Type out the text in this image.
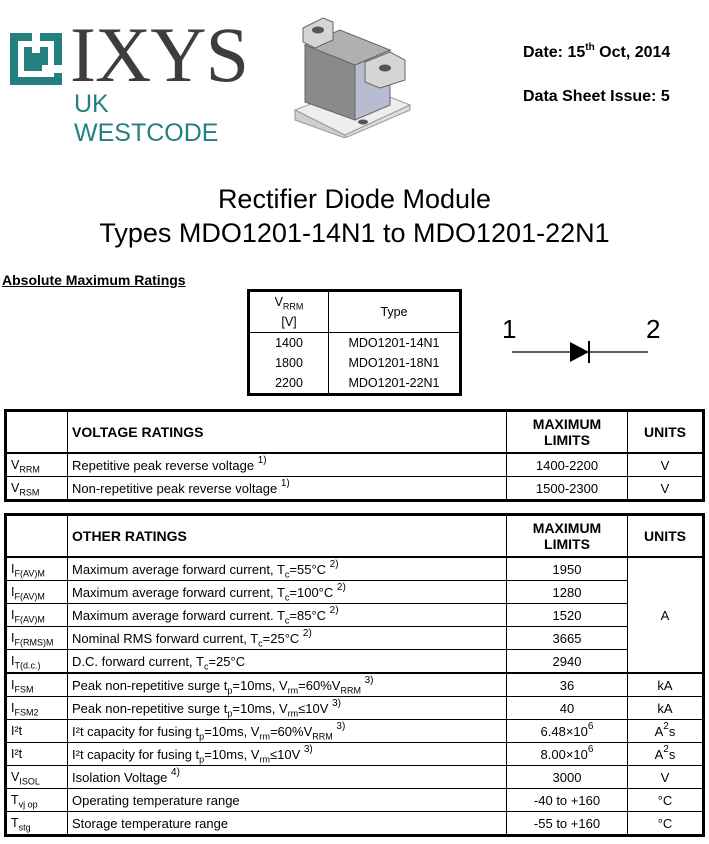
IXYS
UK WESTCODE
Date: 15th Oct, 2014
Data Sheet Issue: 5
Rectifier Diode Module
Types MDO1201-14N1 to MDO1201-22N1
Absolute Maximum Ratings
$V_{RRM}$
[V]	Type
1400	MDO1201-14N1
1800	MDO1201-18N1
2200	MDO1201-22N1
1	2
	VOLTAGE RATINGS	MAXIMUM LIMITS	UNITS
$V_{RRM}$	Repetitive peak reverse voltage $^{1)}$	1400-2200	V
$V_{RSM}$	Non-repetitive peak reverse voltage $^{1)}$	1500-2300	V
	OTHER RATINGS	MAXIMUM LIMITS	UNITS
$I_{F(AV)M}$	Maximum average forward current, $T_c=55^\circ C$ $^{2)}$	1950	
$I_{F(AV)M}$	Maximum average forward current, $T_c=100^\circ C$ $^{2)}$	1280	
$I_{F(AV)M}$	Maximum average forward current. $T_c=85^\circ C$ $^{2)}$	1520	A
$I_{F(RMS)M}$	Nominal RMS forward current, $T_c=25^\circ C$ $^{2)}$	3665	
$I_{T(d.c.)}$	D.C. forward current, $T_c=25^\circ C$	2940	
$I_{FSM}$	Peak non-repetitive surge $t_p=10ms$, $V_{rm}=60\%V_{RRM}$ $^{3)}$	36	kA
$I_{FSM2}$	Peak non-repetitive surge $t_p=10ms$, $V_{rm}\le 10V$ $^{3)}$	40	kA
I²t	I²t capacity for fusing $t_p=10ms$, $V_{rm}=60\%V_{RRM}$ $^{3)}$	$6.48\times 10^6$	$A^2s$
I²t	I²t capacity for fusing $t_p=10ms$, $V_{rm}\le 10V$ $^{3)}$	$8.00\times 10^6$	$A^2s$
$V_{ISOL}$	Isolation Voltage $^{4)}$	3000	V
$T_{vj op}$	Operating temperature range	-40 to +160	°C
$T_{stg}$	Storage temperature range	-55 to +160	°C
